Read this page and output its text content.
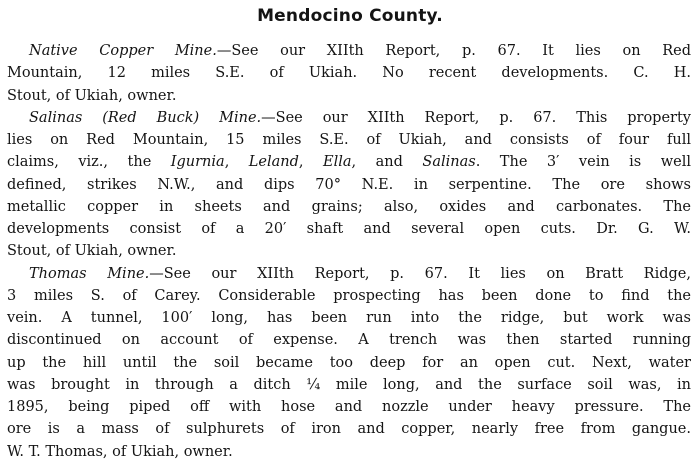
Mendocino County.

Native Copper Mine.—See our XIIth Report, p. 67. It lies on Red
Mountain, 12 miles S.E. of Ukiah. No recent developments. C. H.
Stout, of Ukiah, owner.

Salinas (Red Buck) Mine.—See our XIIth Report, p. 67. This property
lies on Red Mountain, 15 miles S.E. of Ukiah, and consists of four full
claims, viz., the Igurnia, Leland, Ella, and Salinas. The 3′ vein is well
defined, strikes N.W., and dips 70° N.E. in serpentine. The ore shows
metallic copper in sheets and grains; also, oxides and carbonates. The
developments consist of a 20′ shaft and several open cuts. Dr. G. W.
Stout, of Ukiah, owner.

Thomas Mine.—See our XIIth Report, p. 67. It lies on Bratt Ridge,
3 miles S. of Carey. Considerable prospecting has been done to find the
vein. A tunnel, 100′ long, has been run into the ridge, but work was
discontinued on account of expense. A trench was then started running
up the hill until the soil became too deep for an open cut. Next, water
was brought in through a ditch ¼ mile long, and the surface soil was, in
1895, being piped off with hose and nozzle under heavy pressure. The
ore is a mass of sulphurets of iron and copper, nearly free from gangue.
W. T. Thomas, of Ukiah, owner.
